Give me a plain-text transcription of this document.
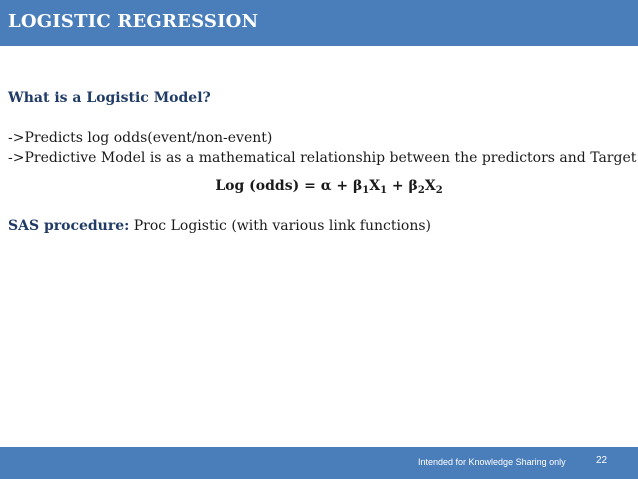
LOGISTIC REGRESSION
What is a Logistic Model?
->Predicts log odds(event/non-event)
->Predictive Model is as a mathematical relationship between the predictors and Target
Log (odds) = $\alpha + \beta_1X_1 + \beta_2X_2$
SAS procedure: Proc Logistic (with various link functions)
Intended for Knowledge Sharing only	22
